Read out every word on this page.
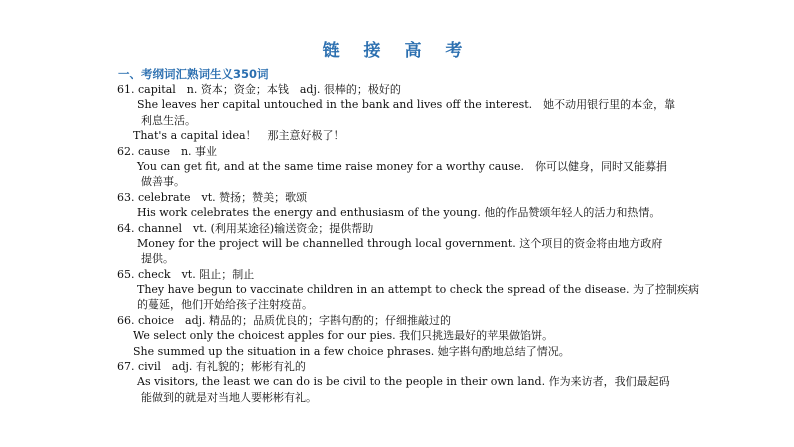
链 接 高 考
一、考纲词汇熟词生义350词
61. capital　n. 资本；资金；本钱　adj. 很棒的；极好的
She leaves her capital untouched in the bank and lives off the interest.　她不动用银行里的本金，靠
利息生活。
That's a capital idea！　那主意好极了！
62. cause　n. 事业
You can get fit, and at the same time raise money for a worthy cause.　你可以健身，同时又能募捐
做善事。
63. celebrate　vt. 赞扬；赞美；歌颂
His work celebrates the energy and enthusiasm of the young. 他的作品赞颂年轻人的活力和热情。
64. channel　vt. (利用某途径)输送资金；提供帮助
Money for the project will be channelled through local government. 这个项目的资金将由地方政府
提供。
65. check　vt. 阻止；制止
They have begun to vaccinate children in an attempt to check the spread of the disease. 为了控制疾病
的蔓延，他们开始给孩子注射疫苗。
66. choice　adj. 精品的；品质优良的；字斟句酌的；仔细推敲过的
We select only the choicest apples for our pies. 我们只挑选最好的苹果做馅饼。
She summed up the situation in a few choice phrases. 她字斟句酌地总结了情况。
67. civil　adj. 有礼貌的；彬彬有礼的
As visitors, the least we can do is be civil to the people in their own land. 作为来访者，我们最起码
能做到的就是对当地人要彬彬有礼。
